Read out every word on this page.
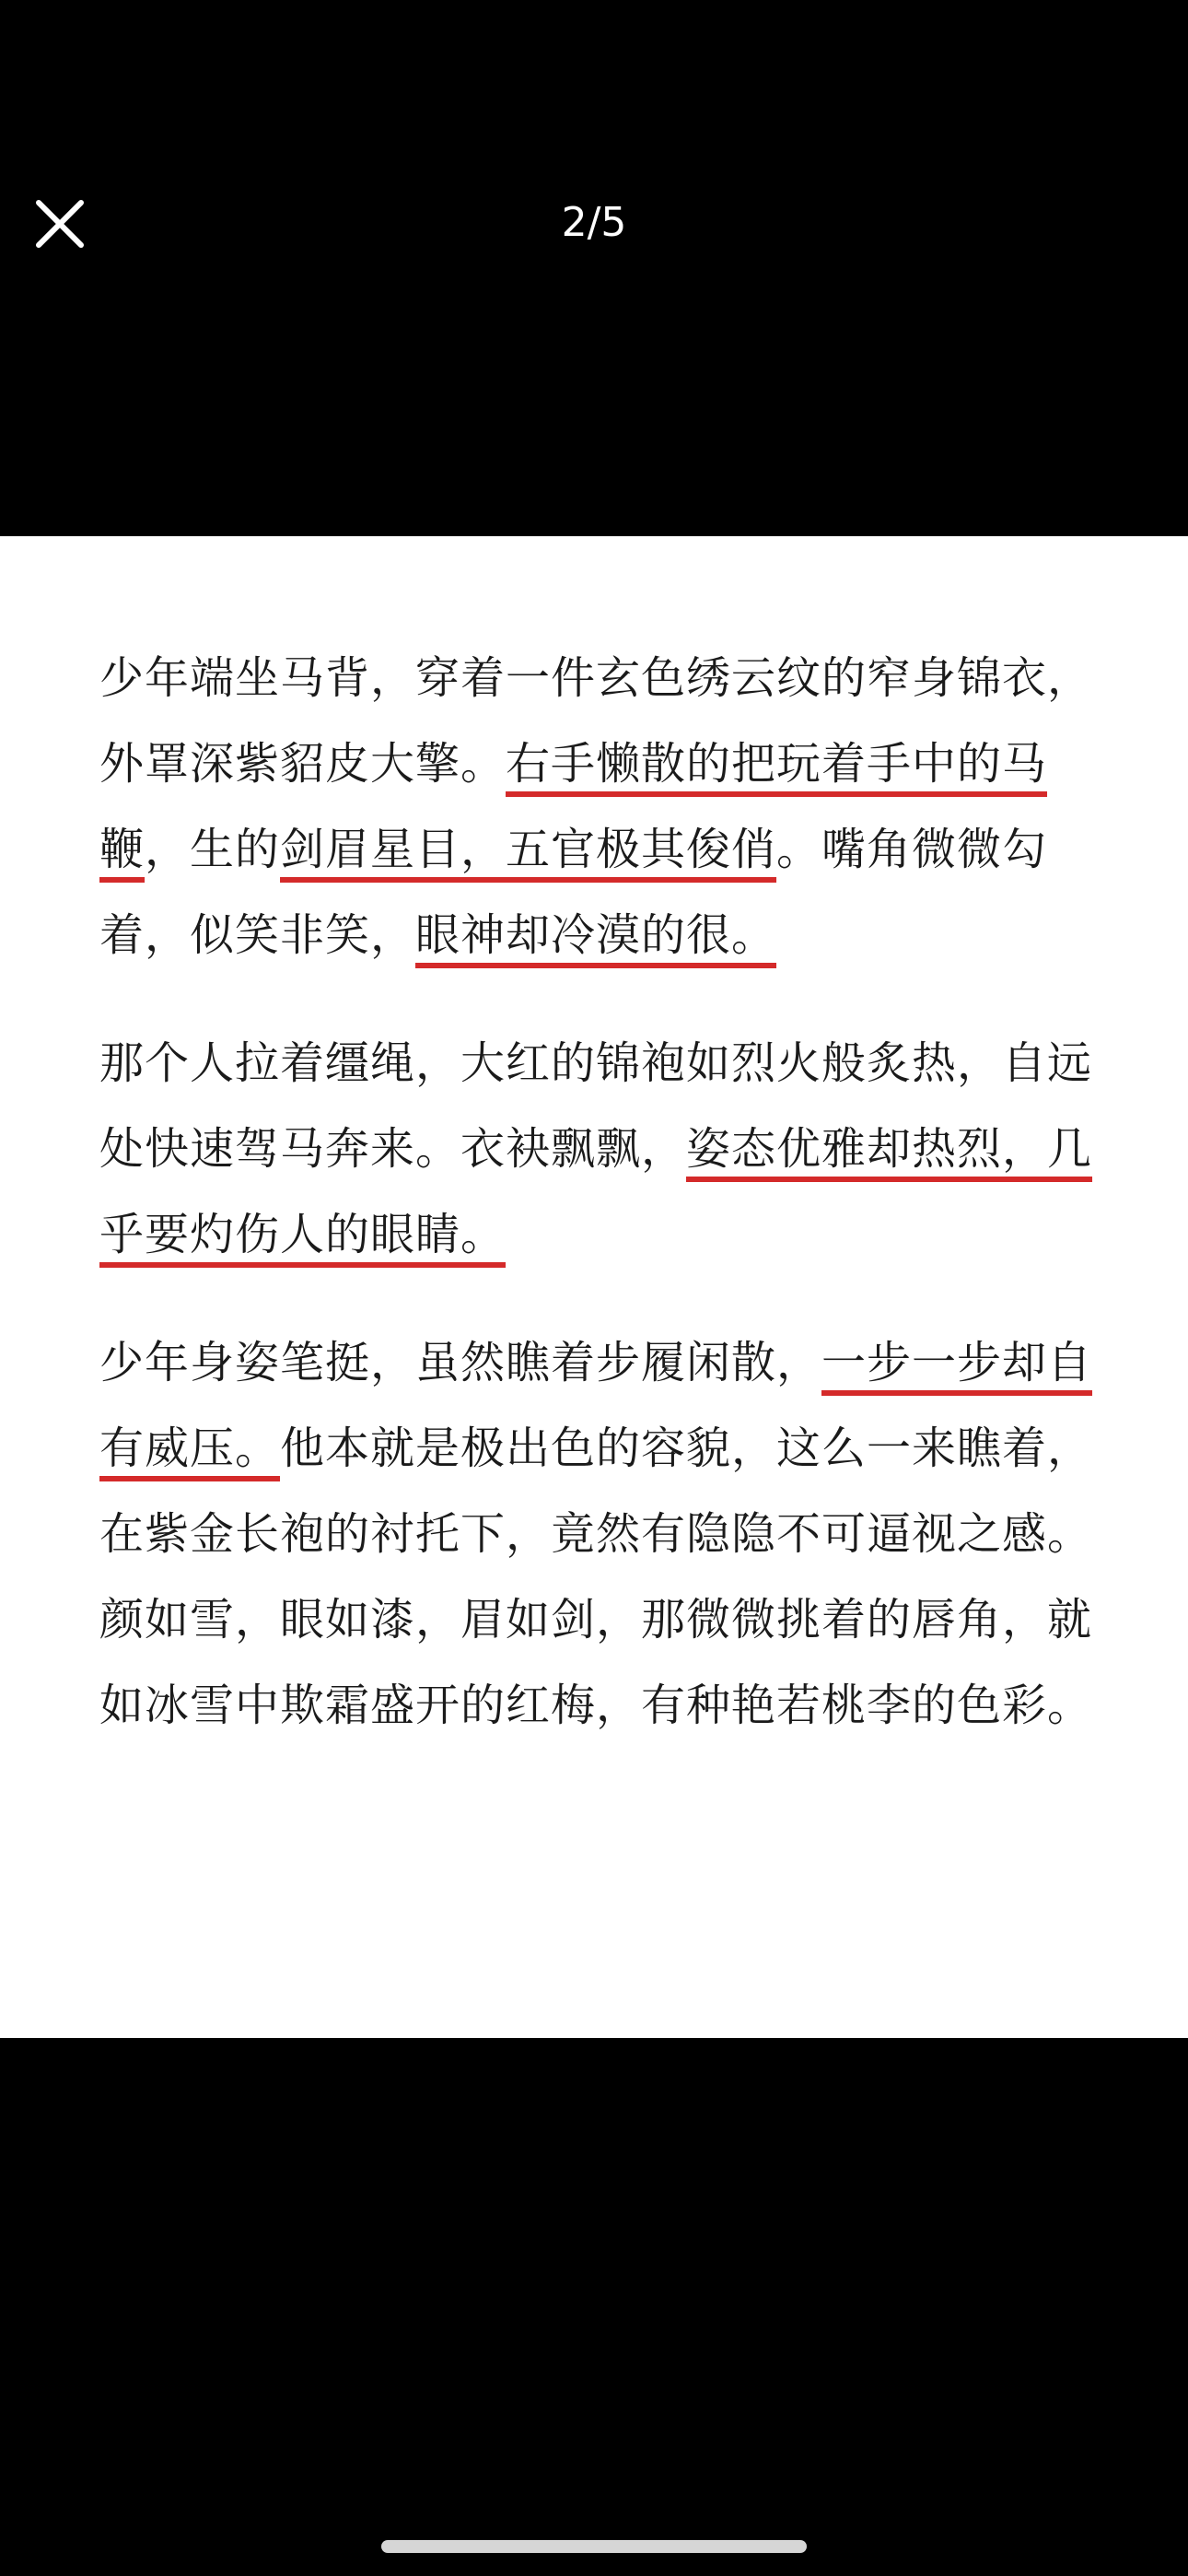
2/5

少年端坐马背，穿着一件玄色绣云纹的窄身锦衣，外罩深紫貂皮大擎。右手懒散的把玩着手中的马鞭，生的剑眉星目，五官极其俊俏。嘴角微微勾着，似笑非笑，眼神却冷漠的很。

那个人拉着缰绳，大红的锦袍如烈火般炙热，自远处快速驾马奔来。衣袂飘飘，姿态优雅却热烈，几乎要灼伤人的眼睛。

少年身姿笔挺，虽然瞧着步履闲散，一步一步却自有威压。他本就是极出色的容貌，这么一来瞧着，在紫金长袍的衬托下，竟然有隐隐不可逼视之感。

颜如雪，眼如漆，眉如剑，那微微挑着的唇角，就如冰雪中欺霜盛开的红梅，有种艳若桃李的色彩。
